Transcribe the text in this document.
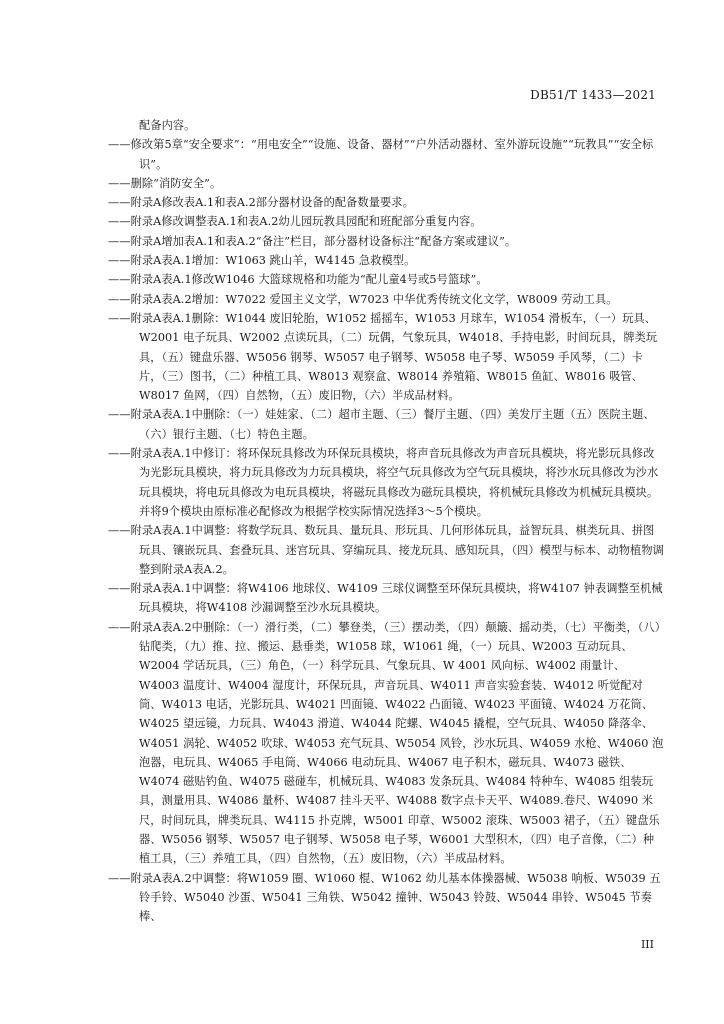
DB51/T 1433—2021

配备内容。

——修改第5章“安全要求”：“用电安全”“设施、设备、器材”“户外活动器材、室外游玩设施”“玩教具”“安全标识”。

——删除“消防安全”。

——附录A修改表A.1和表A.2部分器材设备的配备数量要求。

——附录A修改调整表A.1和表A.2幼儿园玩教具园配和班配部分重复内容。

——附录A增加表A.1和表A.2“备注”栏目，部分器材设备标注“配备方案或建议”。

——附录A表A.1增加：W1063 跳山羊，W4145 急救模型。

——附录A表A.1修改W1046 大篮球规格和功能为“配儿童4号或5号篮球”。

——附录A表A.2增加：W7022 爱国主义文学，W7023 中华优秀传统文化文学，W8009 劳动工具。

——附录A表A.1删除：W1044 废旧轮胎，W1052 摇摇车，W1053 月球车，W1054 滑板车，（一）玩具、W2001 电子玩具、W2002 点读玩具，（二）玩偶，气象玩具，W4018、手持电影，时间玩具，牌类玩具，（五）键盘乐器、W5056 钢琴、W5057 电子钢琴、W5058 电子琴、W5059 手风琴，（二）卡片，（三）图书，（二）种植工具、W8013 观察盒、W8014 养殖箱、W8015 鱼缸、W8016 吸管、W8017 鱼网，（四）自然物，（五）废旧物，（六）半成品材料。

——附录A表A.1中删除：（一）娃娃家、（二）超市主题、（三）餐厅主题、（四）美发厅主题（五）医院主题、（六）银行主题、（七）特色主题。

——附录A表A.1中修订：将环保玩具修改为环保玩具模块，将声音玩具修改为声音玩具模块，将光影玩具修改为光影玩具模块，将力玩具修改为力玩具模块，将空气玩具修改为空气玩具模块，将沙水玩具修改为沙水玩具模块，将电玩具修改为电玩具模块，将磁玩具修改为磁玩具模块，将机械玩具修改为机械玩具模块。并将9个模块由原标准必配修改为根据学校实际情况选择3～5个模块。

——附录A表A.1中调整：将数学玩具、数玩具、量玩具、形玩具、几何形体玩具，益智玩具、棋类玩具、拼图玩具、镶嵌玩具、套叠玩具、迷宫玩具、穿编玩具、接龙玩具、感知玩具，（四）模型与标本、动物植物调整到附录A表A.2。

——附录A表A.1中调整：将W4106 地球仪、W4109 三球仪调整至环保玩具模块，将W4107 钟表调整至机械玩具模块，将W4108 沙漏调整至沙水玩具模块。

——附录A表A.2中删除：（一）滑行类，（二）攀登类，（三）摆动类，（四）颠簸、摇动类，（七）平衡类，（八）钻爬类，（九）推、拉、搬运、悬垂类，W1058 球，W1061 绳，（一）玩具、W2003 互动玩具、W2004 学话玩具，（三）角色，（一）科学玩具、气象玩具、W 4001 风向标、W4002 雨量计、W4003 温度计、W4004 湿度计，环保玩具，声音玩具、W4011 声音实验套装、W4012 听觉配对筒、W4013 电话，光影玩具、W4021 凹面镜、W4022 凸面镜、W4023 平面镜、W4024 万花筒、W4025 望远镜，力玩具、W4043 滑道、W4044 陀螺、W4045 撬棍，空气玩具、W4050 降落伞、W4051 涡轮、W4052 吹球、W4053 充气玩具、W5054 风铃，沙水玩具、W4059 水枪、W4060 泡泡器，电玩具、W4065 手电筒、W4066 电动玩具、W4067 电子积木，磁玩具、W4073 磁铁、W4074 磁贴钓鱼、W4075 磁碰车，机械玩具、W4083 发条玩具、W4084 特种车、W4085 组装玩具，测量用具、W4086 量杯、W4087 挂斗天平、W4088 数字点卡天平、W4089.卷尺、W4090 米尺，时间玩具，牌类玩具、W4115 扑克牌，W5001 印章、W5002 滚珠、W5003 裙子，（五）键盘乐器、W5056 钢琴、W5057 电子钢琴、W5058 电子琴，W6001 大型积木，（四）电子音像，（二）种植工具，（三）养殖工具，（四）自然物，（五）废旧物，（六）半成品材料。

——附录A表A.2中调整：将W1059 圈、W1060 棍、W1062 幼儿基本体操器械、W5038 响板、W5039 五铃手铃、W5040 沙蛋、W5041 三角铁、W5042 撞钟、W5043 铃鼓、W5044 串铃、W5045 节奏棒、

III
